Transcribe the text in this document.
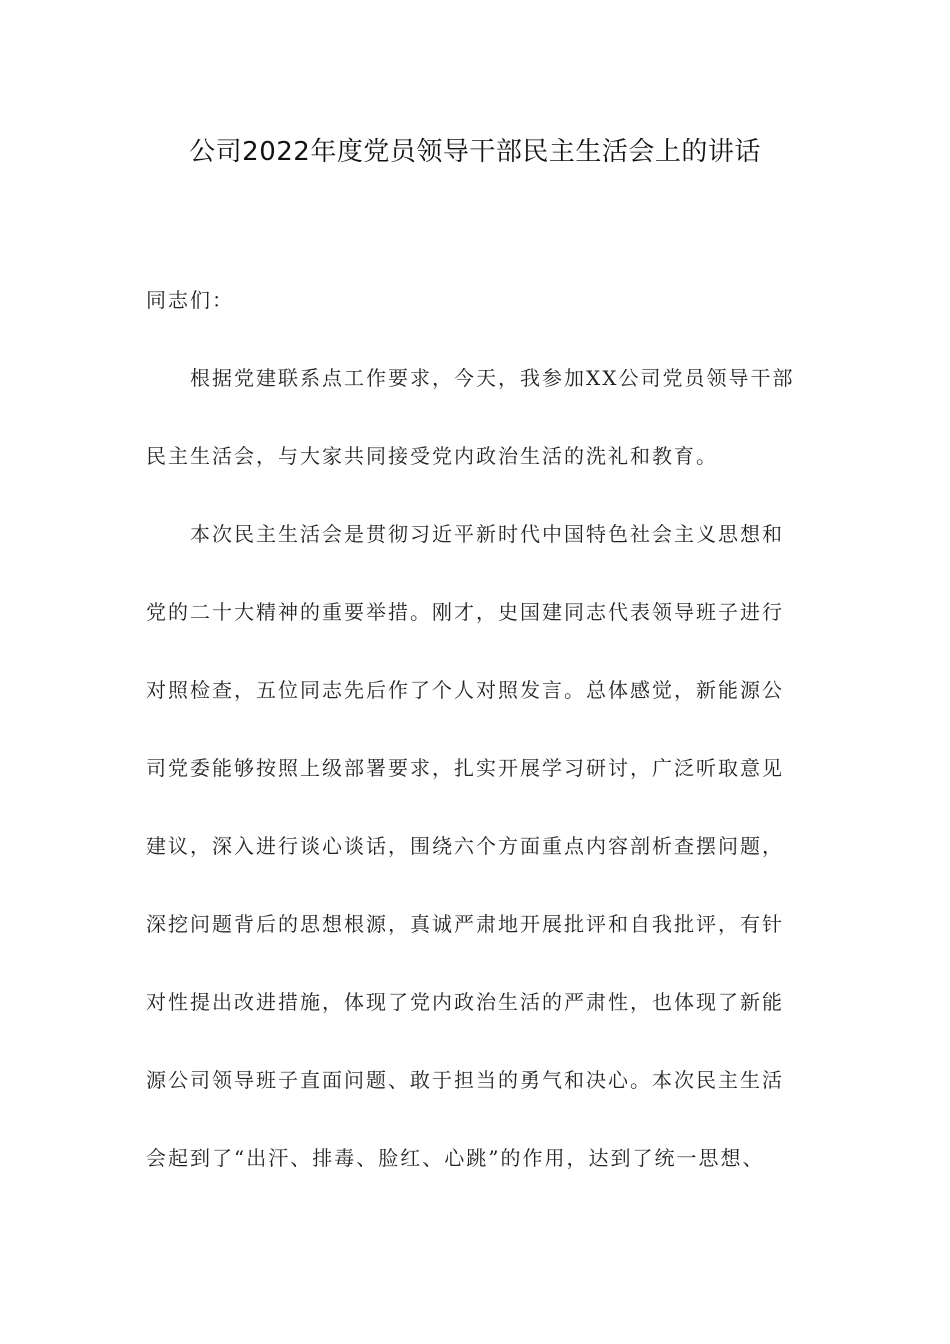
公司2022年度党员领导干部民主生活会上的讲话

同志们：

根据党建联系点工作要求，今天，我参加XX公司党员领导干部

民主生活会，与大家共同接受党内政治生活的洗礼和教育。

本次民主生活会是贯彻习近平新时代中国特色社会主义思想和

党的二十大精神的重要举措。刚才，史国建同志代表领导班子进行

对照检查，五位同志先后作了个人对照发言。总体感觉，新能源公

司党委能够按照上级部署要求，扎实开展学习研讨，广泛听取意见

建议，深入进行谈心谈话，围绕六个方面重点内容剖析查摆问题，

深挖问题背后的思想根源，真诚严肃地开展批评和自我批评，有针

对性提出改进措施，体现了党内政治生活的严肃性，也体现了新能

源公司领导班子直面问题、敢于担当的勇气和决心。本次民主生活

会起到了“出汗、排毒、脸红、心跳”的作用，达到了统一思想、
